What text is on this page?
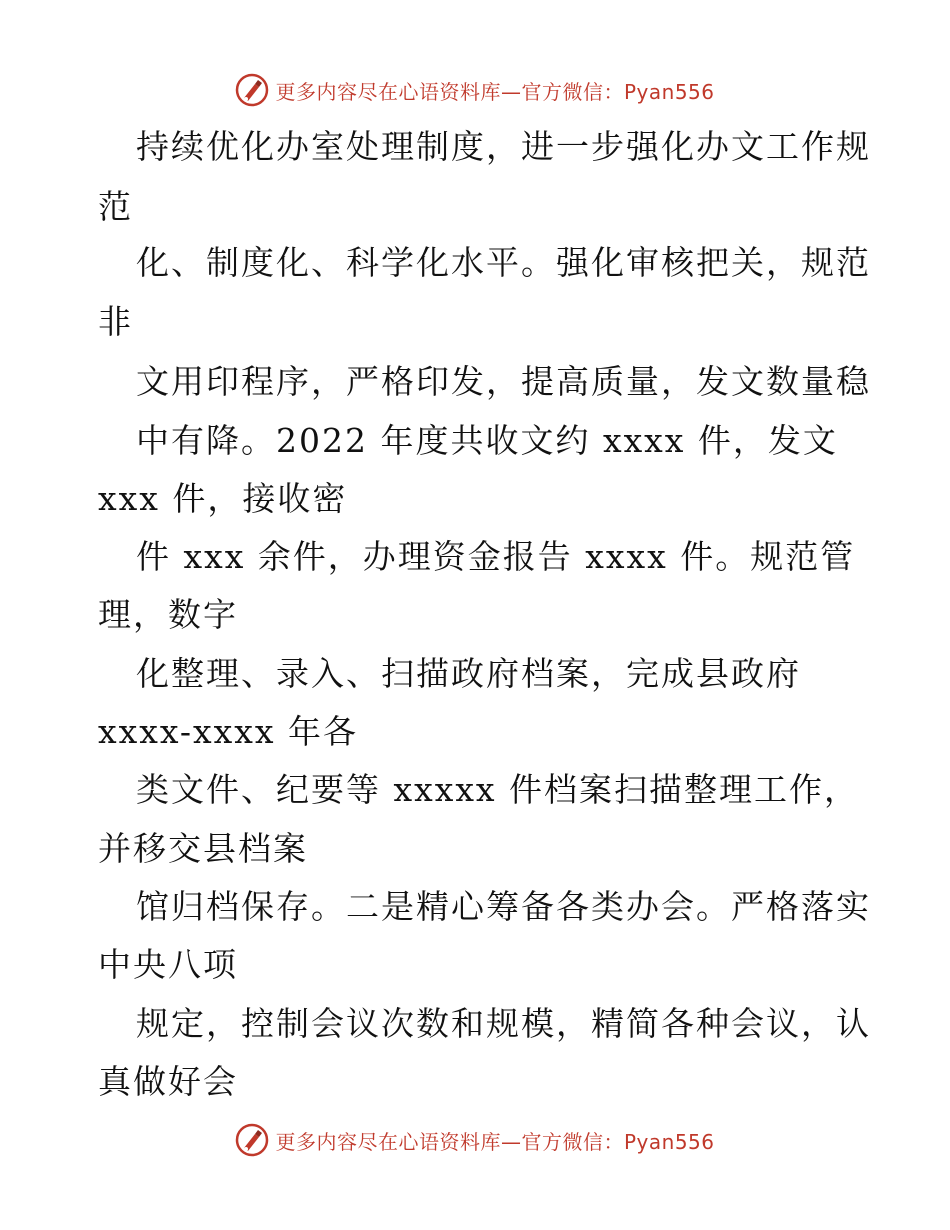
更多内容尽在心语资料库—官方微信：Pyan556
持续优化办室处理制度，进一步强化办文工作规
范
化、制度化、科学化水平。强化审核把关，规范
非
文用印程序，严格印发，提高质量，发文数量稳
中有降。2022 年度共收文约 xxxx 件，发文
xxx 件，接收密
件 xxx 余件，办理资金报告 xxxx 件。规范管
理，数字
化整理、录入、扫描政府档案，完成县政府
xxxx-xxxx 年各
类文件、纪要等 xxxxx 件档案扫描整理工作，
并移交县档案
馆归档保存。二是精心筹备各类办会。严格落实
中央八项
规定，控制会议次数和规模，精简各种会议，认
真做好会
更多内容尽在心语资料库—官方微信：Pyan556
